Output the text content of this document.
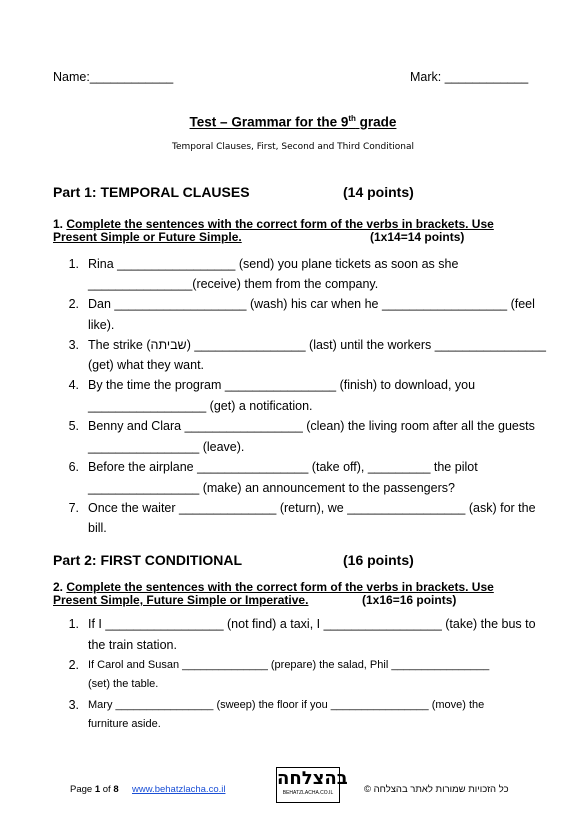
Name:____________	Mark: ____________
Test – Grammar for the 9th grade
Temporal Clauses, First, Second and Third Conditional
Part 1: TEMPORAL CLAUSES	(14 points)
1. Complete the sentences with the correct form of the verbs in brackets. Use
Present Simple or Future Simple.	(1x14=14 points)
1. Rina _________________ (send) you plane tickets as soon as she
_______________(receive) them from the company.
2. Dan ___________________ (wash) his car when he __________________ (feel
like).
3. The strike (שביתה) ________________ (last) until the workers ________________
(get) what they want.
4. By the time the program ________________ (finish) to download, you
_________________ (get) a notification.
5. Benny and Clara _________________ (clean) the living room after all the guests
________________ (leave).
6. Before the airplane ________________ (take off), _________ the pilot
________________ (make) an announcement to the passengers?
7. Once the waiter ______________ (return), we _________________ (ask) for the
bill.
Part 2: FIRST CONDITIONAL	(16 points)
2. Complete the sentences with the correct form of the verbs in brackets. Use
Present Simple, Future Simple or Imperative.	(1x16=16 points)
1. If I _________________ (not find) a taxi, I _________________ (take) the bus to
the train station.
2. If Carol and Susan ______________ (prepare) the salad, Phil ________________
(set) the table.
3. Mary ________________ (sweep) the floor if you ________________ (move) the
furniture aside.
Page 1 of 8 www.behatzlacha.co.il
בהצלחה
BEHATZLACHA.CO.IL	כל הזכויות שמורות לאתר בהצלחה ©
